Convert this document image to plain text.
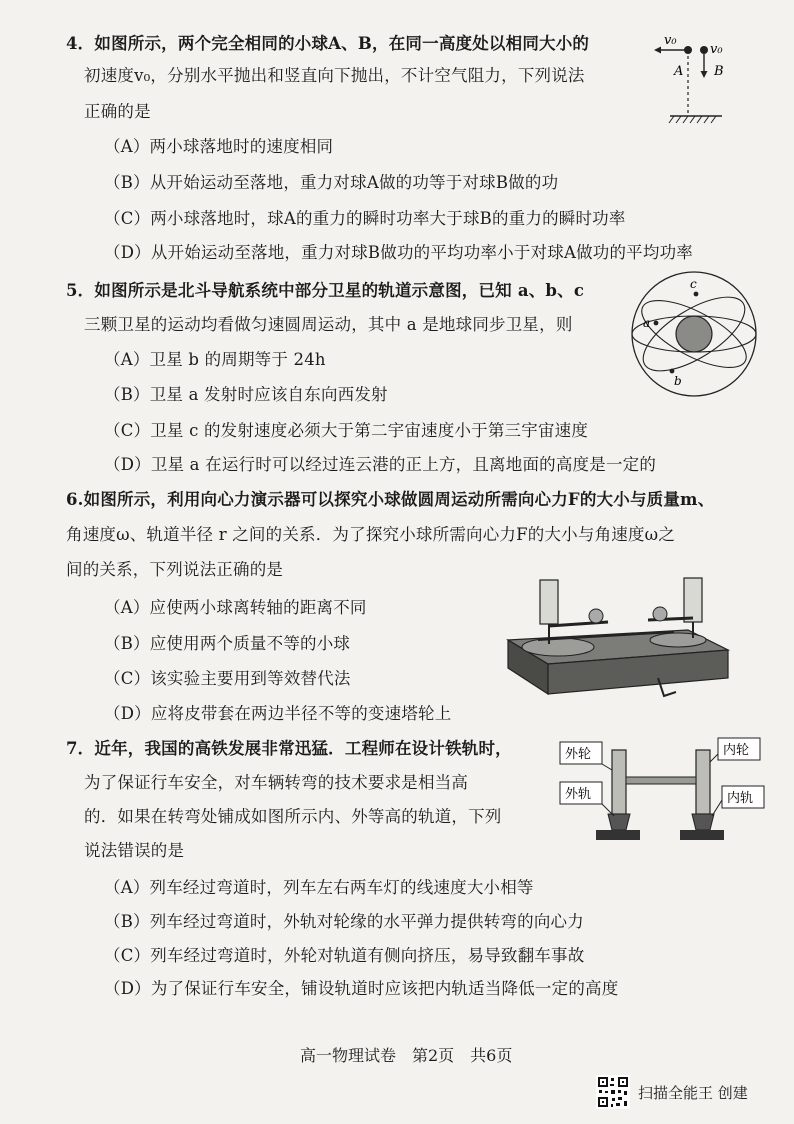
4．如图所示，两个完全相同的小球A、B，在同一高度处以相同大小的
初速度v₀，分别水平抛出和竖直向下抛出，不计空气阻力，下列说法
正确的是
（A）两小球落地时的速度相同
（B）从开始运动至落地，重力对球A做的功等于对球B做的功
（C）两小球落地时，球A的重力的瞬时功率大于球B的重力的瞬时功率
（D）从开始运动至落地，重力对球B做功的平均功率小于对球A做功的平均功率
v₀
v₀
A B
5．如图所示是北斗导航系统中部分卫星的轨道示意图，已知 a、b、c
三颗卫星的运动均看做匀速圆周运动，其中 a 是地球同步卫星，则
（A）卫星 b 的周期等于 24h
（B）卫星 a 发射时应该自东向西发射
（C）卫星 c 的发射速度必须大于第二宇宙速度小于第三宇宙速度
（D）卫星 a 在运行时可以经过连云港的正上方，且离地面的高度是一定的
a
c
b
6.如图所示，利用向心力演示器可以探究小球做圆周运动所需向心力F的大小与质量m、
角速度ω、轨道半径 r 之间的关系．为了探究小球所需向心力F的大小与角速度ω之
间的关系，下列说法正确的是
（A）应使两小球离转轴的距离不同
（B）应使用两个质量不等的小球
（C）该实验主要用到等效替代法
（D）应将皮带套在两边半径不等的变速塔轮上
7．近年，我国的高铁发展非常迅猛．工程师在设计铁轨时，
为了保证行车安全，对车辆转弯的技术要求是相当高
的．如果在转弯处铺成如图所示内、外等高的轨道，下列
说法错误的是
（A）列车经过弯道时，列车左右两车灯的线速度大小相等
（B）列车经过弯道时，外轨对轮缘的水平弹力提供转弯的向心力
（C）列车经过弯道时，外轮对轨道有侧向挤压，易导致翻车事故
（D）为了保证行车安全，铺设轨道时应该把内轨适当降低一定的高度
外轮
外轨
内轮
内轨
高一物理试卷　第2页　共6页
扫描全能王 创建
